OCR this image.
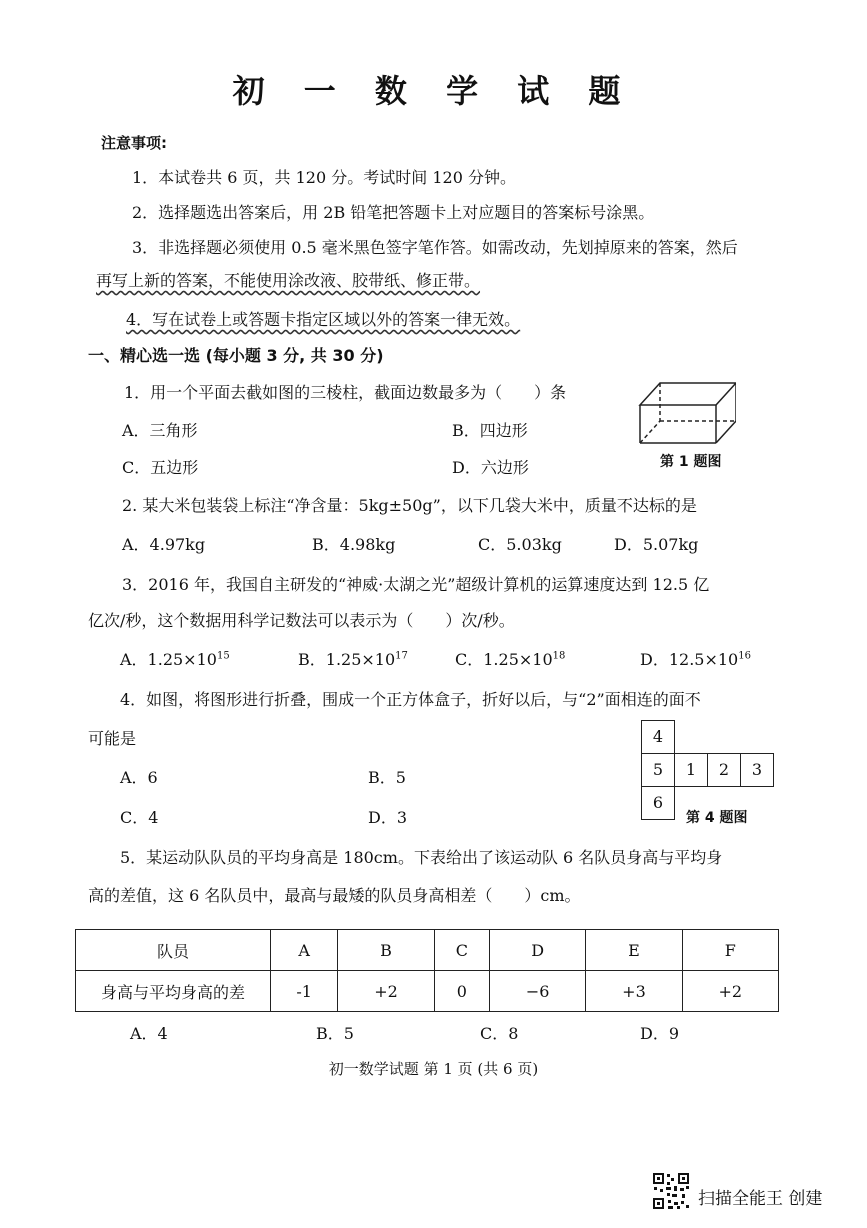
初 一 数 学 试 题
注意事项:
1．本试卷共 6 页，共 120 分。考试时间 120 分钟。
2．选择题选出答案后，用 2B 铅笔把答题卡上对应题目的答案标号涂黑。
3．非选择题必须使用 0.5 毫米黑色签字笔作答。如需改动，先划掉原来的答案，然后
再写上新的答案，不能使用涂改液、胶带纸、修正带。
4．写在试卷上或答题卡指定区域以外的答案一律无效。
一、精心选一选 (每小题 3 分, 共 30 分)
1．用一个平面去截如图的三棱柱，截面边数最多为（　　）条
A．三角形	B．四边形
C．五边形	D．六边形	第 1 题图
2. 某大米包装袋上标注“净含量：5kg±50g”，以下几袋大米中，质量不达标的是
A．4.97kg	B．4.98kg	C．5.03kg	D．5.07kg
3．2016 年，我国自主研发的“神威·太湖之光”超级计算机的运算速度达到 12.5 亿
亿次/秒，这个数据用科学记数法可以表示为（　　）次/秒。
A．$1.25\times 10^{15}$	B．$1.25\times 10^{17}$	C．$1.25\times 10^{18}$	D．$12.5\times 10^{16}$
4．如图，将图形进行折叠，围成一个正方体盒子，折好以后，与“2”面相连的面不
可能是
A．6	B．5
C．4	D．3
4
5	1	2	3
6
第 4 题图
5．某运动队队员的平均身高是 180cm。下表给出了该运动队 6 名队员身高与平均身
高的差值，这 6 名队员中，最高与最矮的队员身高相差（　　）cm。
队员	A	B	C	D	E	F
身高与平均身高的差	-1	+2	0	−6	+3	+2
A．4	B．5	C．8	D．9
初一数学试题 第 1 页 (共 6 页)
扫描全能王 创建
